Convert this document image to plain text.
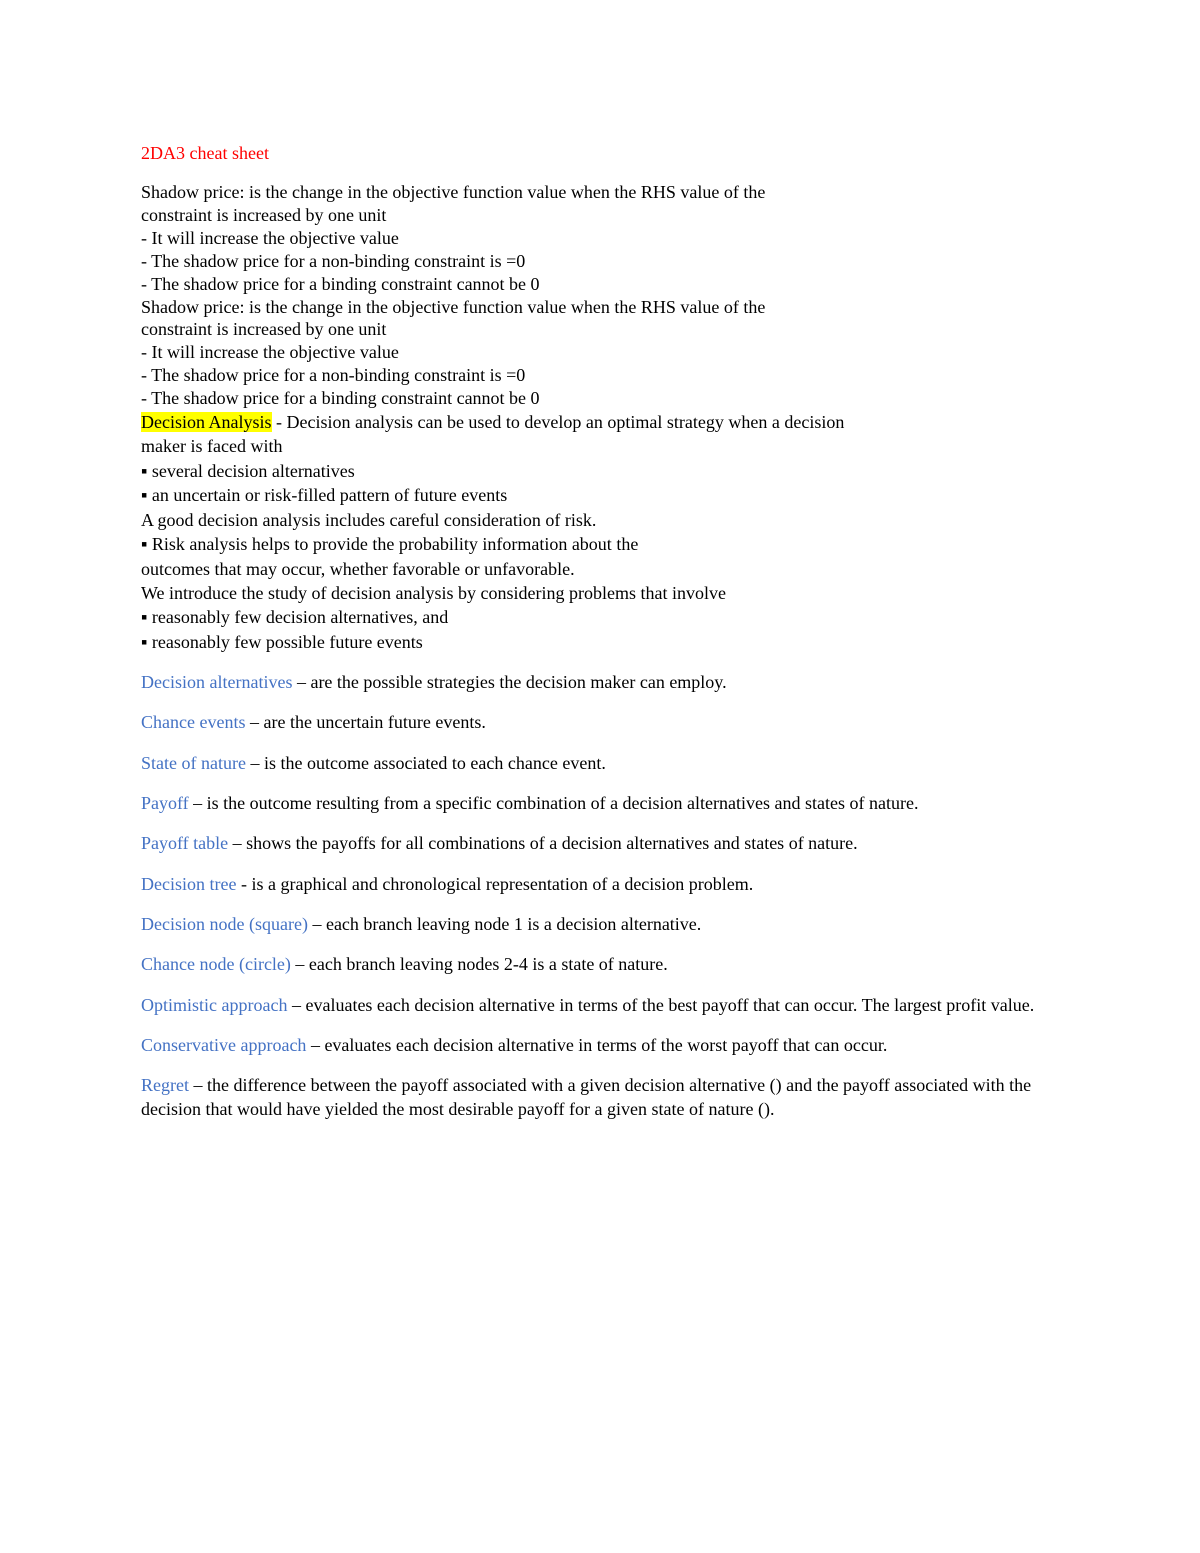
2DA3 cheat sheet
Shadow price: is the change in the objective function value when the RHS value of the
constraint is increased by one unit
- It will increase the objective value
- The shadow price for a non-binding constraint is =0
- The shadow price for a binding constraint cannot be 0
Shadow price: is the change in the objective function value when the RHS value of the
constraint is increased by one unit
- It will increase the objective value
- The shadow price for a non-binding constraint is =0
- The shadow price for a binding constraint cannot be 0
Decision Analysis - Decision analysis can be used to develop an optimal strategy when a decision
maker is faced with
▪ several decision alternatives
▪ an uncertain or risk-filled pattern of future events
A good decision analysis includes careful consideration of risk.
▪ Risk analysis helps to provide the probability information about the
outcomes that may occur, whether favorable or unfavorable.
We introduce the study of decision analysis by considering problems that involve
▪ reasonably few decision alternatives, and
▪ reasonably few possible future events
Decision alternatives – are the possible strategies the decision maker can employ.
Chance events – are the uncertain future events.
State of nature – is the outcome associated to each chance event.
Payoff – is the outcome resulting from a specific combination of a decision alternatives and states of nature.
Payoff table – shows the payoffs for all combinations of a decision alternatives and states of nature.
Decision tree - is a graphical and chronological representation of a decision problem.
Decision node (square) – each branch leaving node 1 is a decision alternative.
Chance node (circle) – each branch leaving nodes 2-4 is a state of nature.
Optimistic approach – evaluates each decision alternative in terms of the best payoff that can occur. The largest profit value.
Conservative approach – evaluates each decision alternative in terms of the worst payoff that can occur.
Regret – the difference between the payoff associated with a given decision alternative () and the payoff associated with the decision that would have yielded the most desirable payoff for a given state of nature ().
